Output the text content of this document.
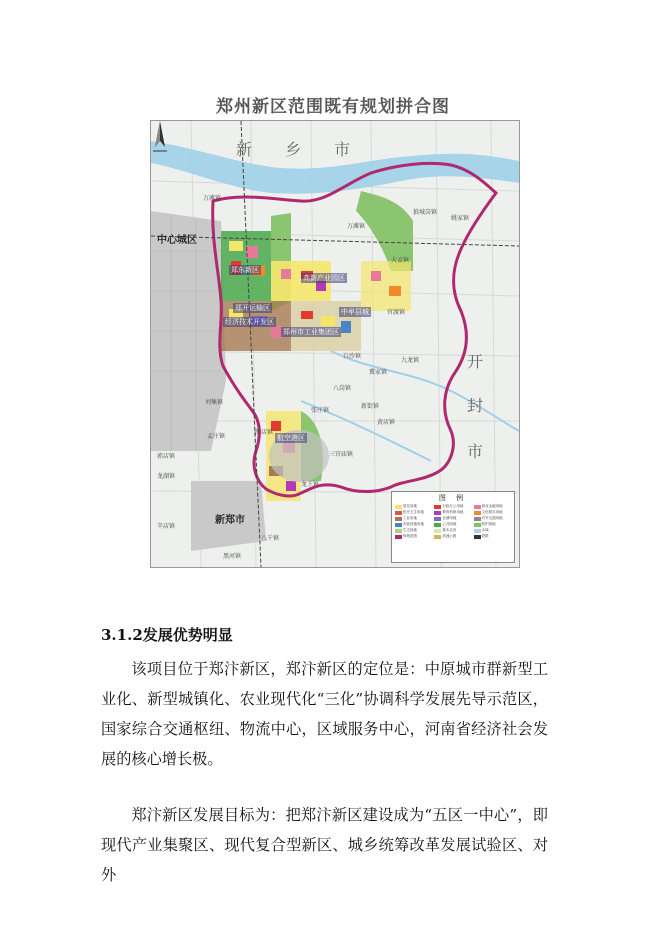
郑州新区范围既有规划拼合图
新 乡 市
开
封
市
中心城区
新郑市
郑东新区
中牟县城
经济技术开发区
郑开运输区
航空港区
郑州市工业集团区
高新产业园区
万滩镇
大孟镇
官渡镇
白沙镇
狼城岗镇
姚家镇
八岗镇
张庄镇
三官庙镇
龙王镇
薛店镇
孟庄镇
刘集镇
新街镇
郭店镇
辛店镇
龙湖镇
八千镇
九龙镇
黑河镇
冀家镇
黄店镇
万滩镇
图 例
居住用地	行政办公用地	商业金融用地
医疗卫生用地	教育科研用地	文化娱乐用地
工业用地	仓储用地	对外交通用地
市政设施用地	公共绿地	防护绿地
生态绿地	基本农田	水域
规划范围	高速公路	铁路
3.1.2发展优势明显

该项目位于郑汴新区，郑汴新区的定位是：中原城市群新型工业化、新型城镇化、农业现代化“三化”协调科学发展先导示范区，国家综合交通枢纽、物流中心，区域服务中心，河南省经济社会发展的核心增长极。

郑汴新区发展目标为：把郑汴新区建设成为“五区一中心”，即现代产业集聚区、现代复合型新区、城乡统筹改革发展试验区、对外
